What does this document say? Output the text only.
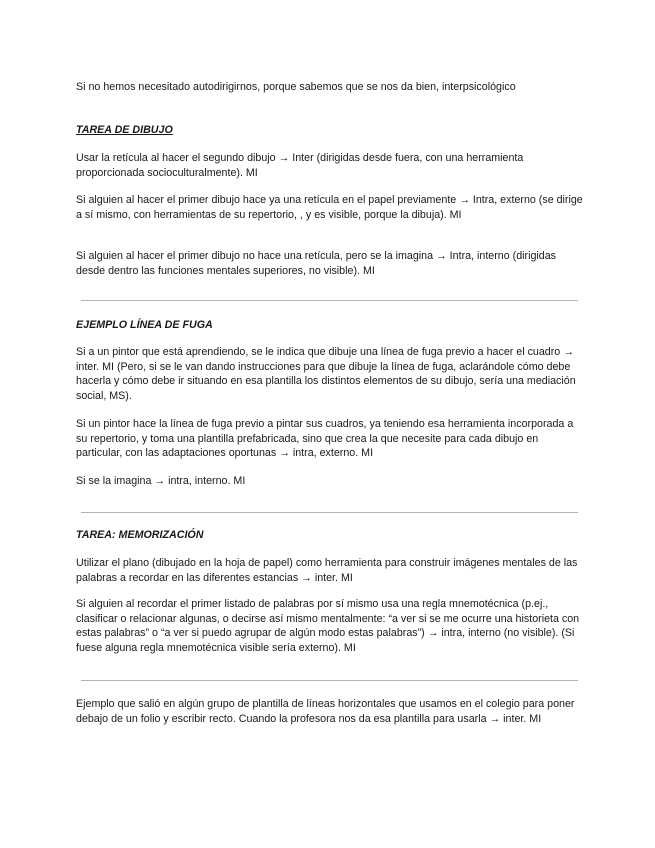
Si no hemos necesitado autodirigirnos, porque sabemos que se nos da bien, interpsicológico

TAREA DE DIBUJO

Usar la retícula al hacer el segundo dibujo → Inter (dirigidas desde fuera, con una herramienta proporcionada socioculturalmente). MI

Si alguien al hacer el primer dibujo hace ya una retícula en el papel previamente → Intra, externo (se dirige a sí mismo, con herramientas de su repertorio, , y es visible, porque la dibuja). MI

Si alguien al hacer el primer dibujo no hace una retícula, pero se la imagina → Intra, interno (dirigidas desde dentro las funciones mentales superiores, no visible). MI

EJEMPLO LÍNEA DE FUGA

Si a un pintor que está aprendiendo, se le indica que dibuje una línea de fuga previo a hacer el cuadro → inter. MI (Pero, si se le van dando instrucciones para que dibuje la línea de fuga, aclarándole cómo debe hacerla y cómo debe ir situando en esa plantilla los distintos elementos de su dibujo, sería una mediación social, MS).

Si un pintor hace la línea de fuga previo a pintar sus cuadros, ya teniendo esa herramienta incorporada a su repertorio, y toma una plantilla prefabricada, sino que crea la que necesite para cada dibujo en particular, con las adaptaciones oportunas → intra, externo. MI

Si se la imagina → intra, interno. MI

TAREA: MEMORIZACIÓN

Utilizar el plano (dibujado en la hoja de papel) como herramienta para construir imágenes mentales de las palabras a recordar en las diferentes estancias → inter. MI

Si alguien al recordar el primer listado de palabras por sí mismo usa una regla mnemotécnica (p.ej., clasificar o relacionar algunas, o decirse así mismo mentalmente: “a ver si se me ocurre una historieta con estas palabras” o “a ver si puedo agrupar de algún modo estas palabras”) → intra, interno (no visible). (Si fuese alguna regla mnemotécnica visible sería externo). MI

Ejemplo que salió en algún grupo de plantilla de líneas horizontales que usamos en el colegio para poner debajo de un folio y escribir recto. Cuando la profesora nos da esa plantilla para usarla → inter. MI
